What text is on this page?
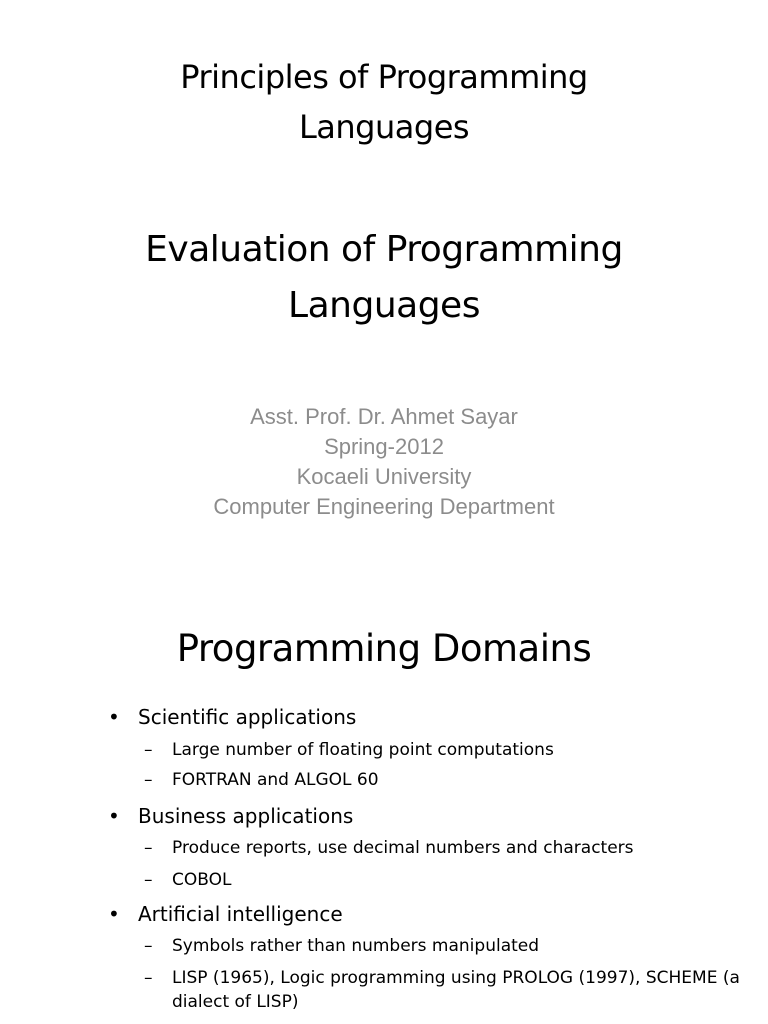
Principles of Programming
Languages
Evaluation of Programming
Languages
Asst. Prof. Dr. Ahmet Sayar
Spring-2012
Kocaeli University
Computer Engineering Department
Programming Domains
• Scientific applications
– Large number of floating point computations
– FORTRAN and ALGOL 60
• Business applications
– Produce reports, use decimal numbers and characters
– COBOL
• Artificial intelligence
– Symbols rather than numbers manipulated
– LISP (1965), Logic programming using PROLOG (1997), SCHEME (a
dialect of LISP)
